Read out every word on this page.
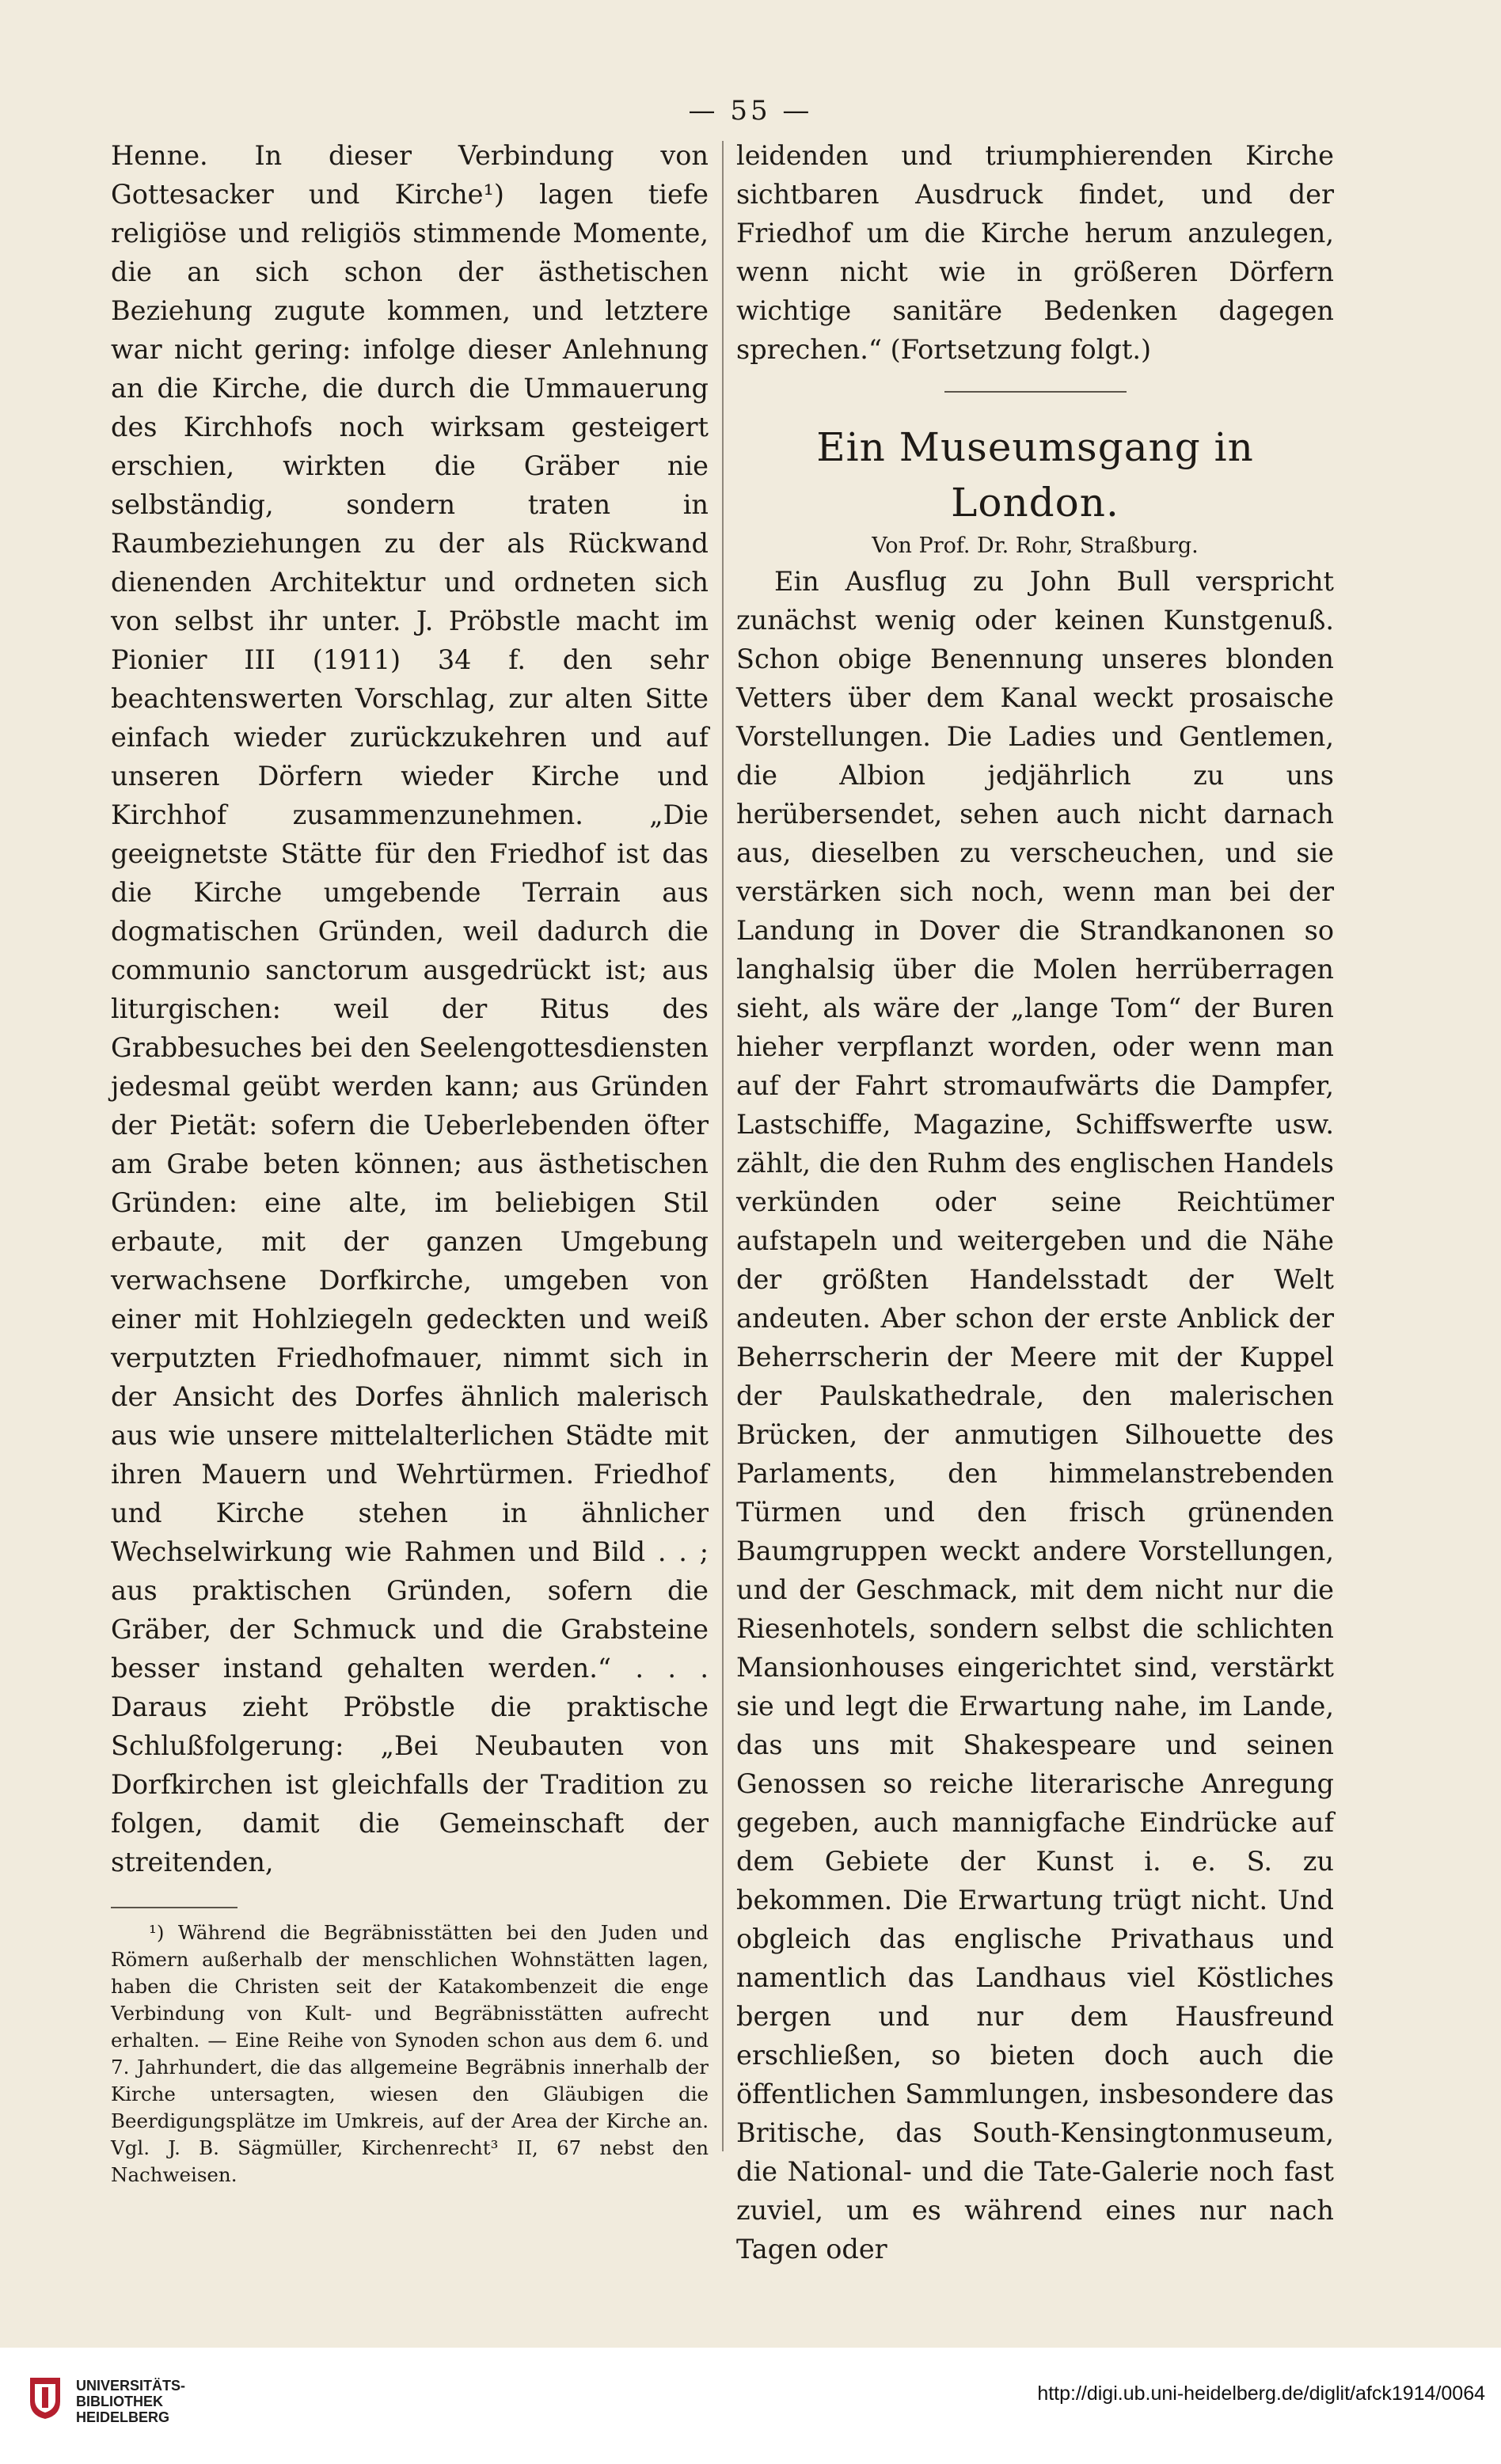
— 55 —

Henne. In dieser Verbindung von Gottesacker und Kirche¹) lagen tiefe religiöse und religiös stimmende Momente, die an sich schon der ästhetischen Beziehung zugute kommen, und letztere war nicht gering: infolge dieser Anlehnung an die Kirche, die durch die Ummauerung des Kirchhofs noch wirksam gesteigert erschien, wirkten die Gräber nie selbständig, sondern traten in Raumbeziehungen zu der als Rückwand dienenden Architektur und ordneten sich von selbst ihr unter. J. Pröbstle macht im Pionier III (1911) 34 f. den sehr beachtenswerten Vorschlag, zur alten Sitte einfach wieder zurückzukehren und auf unseren Dörfern wieder Kirche und Kirchhof zusammenzunehmen. „Die geeignetste Stätte für den Friedhof ist das die Kirche umgebende Terrain aus dogmatischen Gründen, weil dadurch die communio sanctorum ausgedrückt ist; aus liturgischen: weil der Ritus des Grabbesuches bei den Seelengottesdiensten jedesmal geübt werden kann; aus Gründen der Pietät: sofern die Ueberlebenden öfter am Grabe beten können; aus ästhetischen Gründen: eine alte, im beliebigen Stil erbaute, mit der ganzen Umgebung verwachsene Dorfkirche, umgeben von einer mit Hohlziegeln gedeckten und weiß verputzten Friedhofmauer, nimmt sich in der Ansicht des Dorfes ähnlich malerisch aus wie unsere mittelalterlichen Städte mit ihren Mauern und Wehrtürmen. Friedhof und Kirche stehen in ähnlicher Wechselwirkung wie Rahmen und Bild . . ; aus praktischen Gründen, sofern die Gräber, der Schmuck und die Grabsteine besser instand gehalten werden.“ . . . Daraus zieht Pröbstle die praktische Schlußfolgerung: „Bei Neubauten von Dorfkirchen ist gleichfalls der Tradition zu folgen, damit die Gemeinschaft der streitenden,

¹) Während die Begräbnisstätten bei den Juden und Römern außerhalb der menschlichen Wohnstätten lagen, haben die Christen seit der Katakombenzeit die enge Verbindung von Kult- und Begräbnisstätten aufrecht erhalten. — Eine Reihe von Synoden schon aus dem 6. und 7. Jahrhundert, die das allgemeine Begräbnis innerhalb der Kirche untersagten, wiesen den Gläubigen die Beerdigungsplätze im Umkreis, auf der Area der Kirche an. Vgl. J. B. Sägmüller, Kirchenrecht³ II, 67 nebst den Nachweisen.

leidenden und triumphierenden Kirche sichtbaren Ausdruck findet, und der Friedhof um die Kirche herum anzulegen, wenn nicht wie in größeren Dörfern wichtige sanitäre Bedenken dagegen sprechen.“ (Fortsetzung folgt.)

Ein Museumsgang in London.

Von Prof. Dr. Rohr, Straßburg.

Ein Ausflug zu John Bull verspricht zunächst wenig oder keinen Kunstgenuß. Schon obige Benennung unseres blonden Vetters über dem Kanal weckt prosaische Vorstellungen. Die Ladies und Gentlemen, die Albion jedjährlich zu uns herübersendet, sehen auch nicht darnach aus, dieselben zu verscheuchen, und sie verstärken sich noch, wenn man bei der Landung in Dover die Strandkanonen so langhalsig über die Molen herrüberragen sieht, als wäre der „lange Tom“ der Buren hieher verpflanzt worden, oder wenn man auf der Fahrt stromaufwärts die Dampfer, Lastschiffe, Magazine, Schiffswerfte usw. zählt, die den Ruhm des englischen Handels verkünden oder seine Reichtümer aufstapeln und weitergeben und die Nähe der größten Handelsstadt der Welt andeuten. Aber schon der erste Anblick der Beherrscherin der Meere mit der Kuppel der Paulskathedrale, den malerischen Brücken, der anmutigen Silhouette des Parlaments, den himmelanstrebenden Türmen und den frisch grünenden Baumgruppen weckt andere Vorstellungen, und der Geschmack, mit dem nicht nur die Riesenhotels, sondern selbst die schlichten Mansionhouses eingerichtet sind, verstärkt sie und legt die Erwartung nahe, im Lande, das uns mit Shakespeare und seinen Genossen so reiche literarische Anregung gegeben, auch mannigfache Eindrücke auf dem Gebiete der Kunst i. e. S. zu bekommen. Die Erwartung trügt nicht. Und obgleich das englische Privathaus und namentlich das Landhaus viel Köstliches bergen und nur dem Hausfreund erschließen, so bieten doch auch die öffentlichen Sammlungen, insbesondere das Britische, das South-Kensingtonmuseum, die National- und die Tate-Galerie noch fast zuviel, um es während eines nur nach Tagen oder

UNIVERSITÄTS-
BIBLIOTHEK
HEIDELBERG
http://digi.ub.uni-heidelberg.de/diglit/afck1914/0064
